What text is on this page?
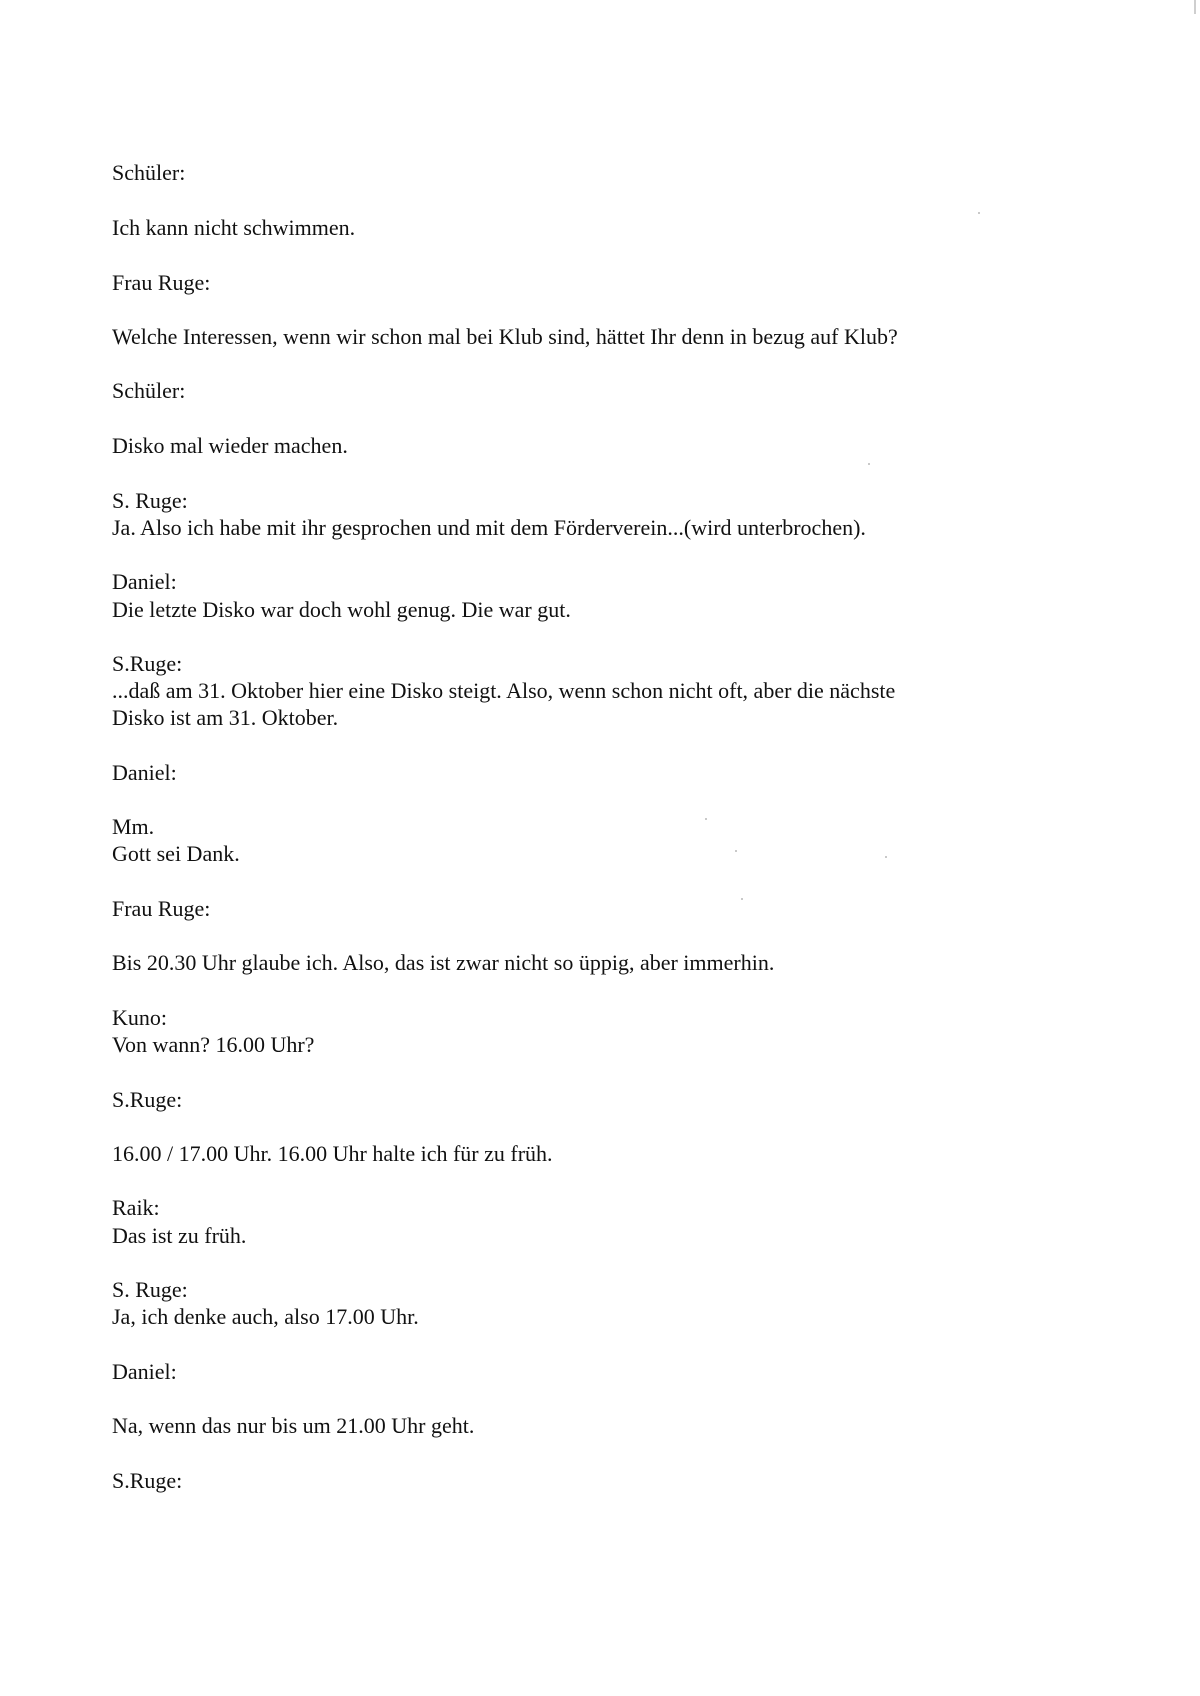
Schüler:

Ich kann nicht schwimmen.

Frau Ruge:

Welche Interessen, wenn wir schon mal bei Klub sind, hättet Ihr denn in bezug auf Klub?

Schüler:

Disko mal wieder machen.

S. Ruge:

Ja. Also ich habe mit ihr gesprochen und mit dem Förderverein...(wird unterbrochen).

Daniel:

Die letzte Disko war doch wohl genug. Die war gut.

S.Ruge:

...daß am 31. Oktober hier eine Disko steigt. Also, wenn schon nicht oft, aber die nächste

Disko ist am 31. Oktober.

Daniel:

Mm.

Gott sei Dank.

Frau Ruge:

Bis 20.30 Uhr glaube ich. Also, das ist zwar nicht so üppig, aber immerhin.

Kuno:

Von wann? 16.00 Uhr?

S.Ruge:

16.00 / 17.00 Uhr. 16.00 Uhr halte ich für zu früh.

Raik:

Das ist zu früh.

S. Ruge:

Ja, ich denke auch, also 17.00 Uhr.

Daniel:

Na, wenn das nur bis um 21.00 Uhr geht.

S.Ruge:
